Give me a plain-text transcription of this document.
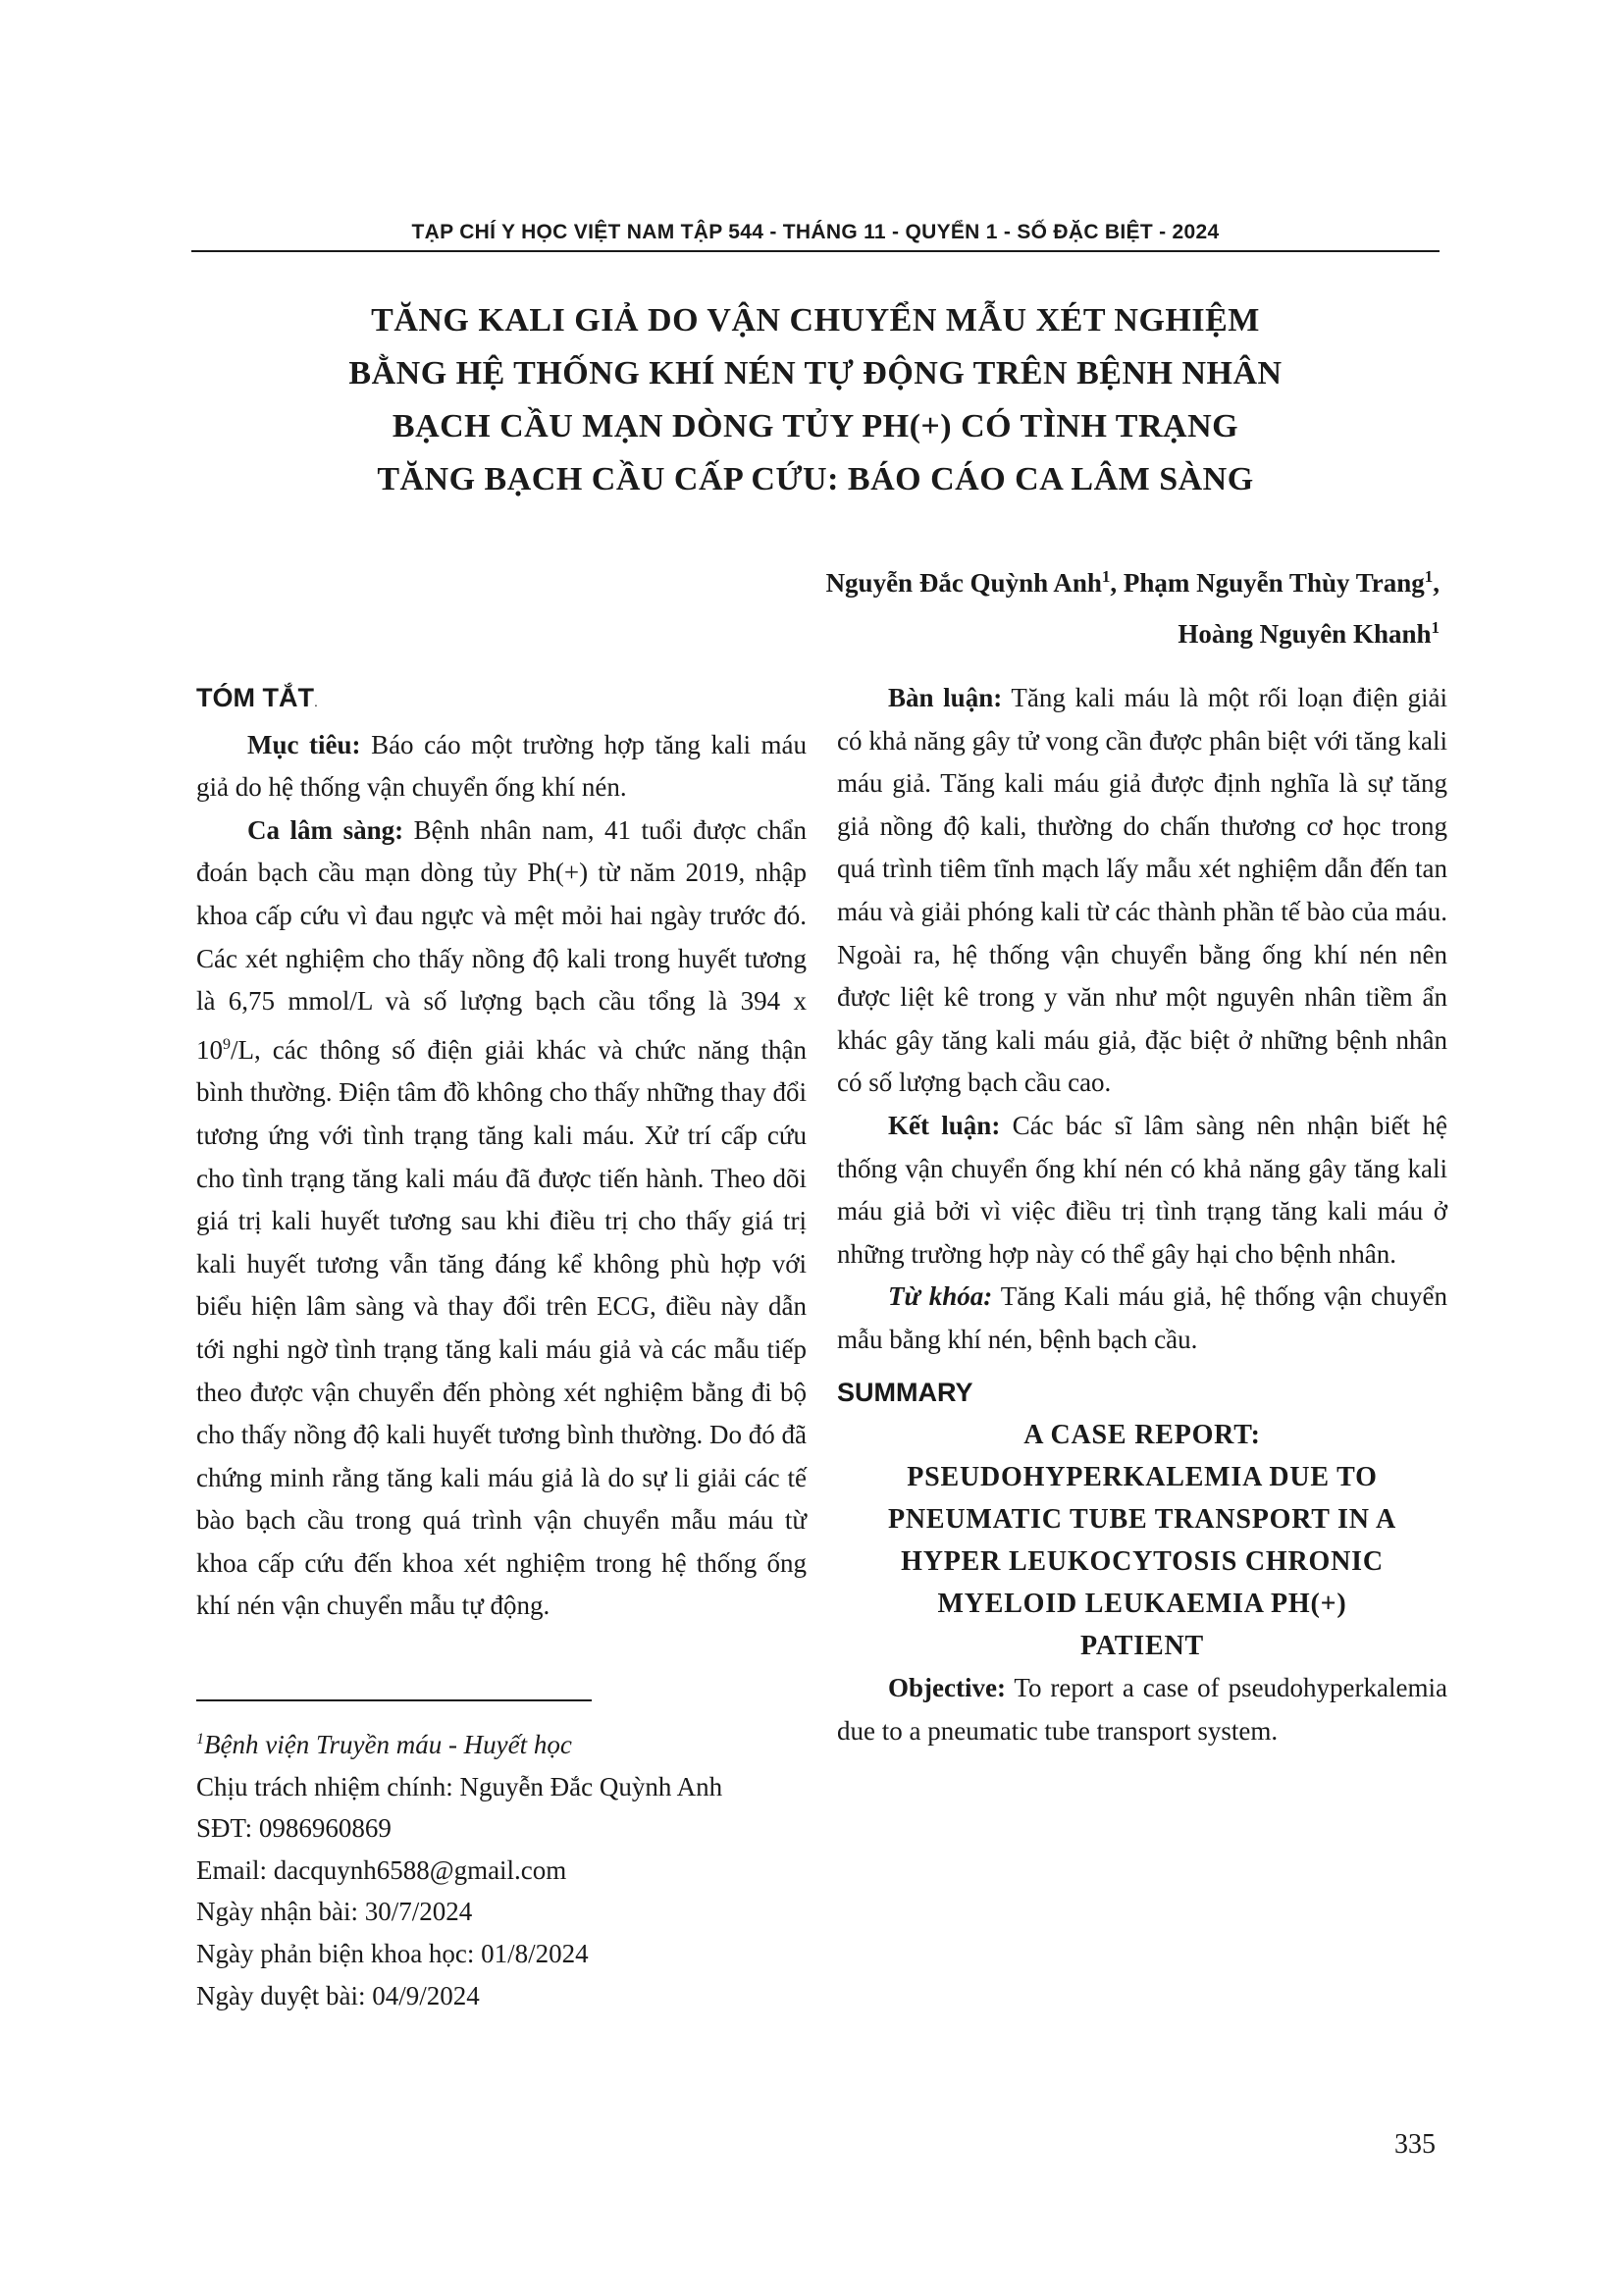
TẠP CHÍ Y HỌC VIỆT NAM TẬP 544 - THÁNG 11 - QUYỂN 1 - SỐ ĐẶC BIỆT - 2024
TĂNG KALI GIẢ DO VẬN CHUYỂN MẪU XÉT NGHIỆM
BẰNG HỆ THỐNG KHÍ NÉN TỰ ĐỘNG TRÊN BỆNH NHÂN
BẠCH CẦU MẠN DÒNG TỦY PH(+) CÓ TÌNH TRẠNG
TĂNG BẠCH CẦU CẤP CỨU: BÁO CÁO CA LÂM SÀNG
Nguyễn Đắc Quỳnh Anh$^1$, Phạm Nguyễn Thùy Trang$^1$,
Hoàng Nguyên Khanh$^1$
TÓM TẮT.

Mục tiêu: Báo cáo một trường hợp tăng kali máu giả do hệ thống vận chuyển ống khí nén.

Ca lâm sàng: Bệnh nhân nam, 41 tuổi được chẩn đoán bạch cầu mạn dòng tủy Ph(+) từ năm 2019, nhập khoa cấp cứu vì đau ngực và mệt mỏi hai ngày trước đó. Các xét nghiệm cho thấy nồng độ kali trong huyết tương là 6,75 mmol/L và số lượng bạch cầu tổng là 394 x $10^9/L$, các thông số điện giải khác và chức năng thận bình thường. Điện tâm đồ không cho thấy những thay đổi tương ứng với tình trạng tăng kali máu. Xử trí cấp cứu cho tình trạng tăng kali máu đã được tiến hành. Theo dõi giá trị kali huyết tương sau khi điều trị cho thấy giá trị kali huyết tương vẫn tăng đáng kể không phù hợp với biểu hiện lâm sàng và thay đổi trên ECG, điều này dẫn tới nghi ngờ tình trạng tăng kali máu giả và các mẫu tiếp theo được vận chuyển đến phòng xét nghiệm bằng đi bộ cho thấy nồng độ kali huyết tương bình thường. Do đó đã chứng minh rằng tăng kali máu giả là do sự li giải các tế bào bạch cầu trong quá trình vận chuyển mẫu máu từ khoa cấp cứu đến khoa xét nghiệm trong hệ thống ống khí nén vận chuyển mẫu tự động.

$^1$Bệnh viện Truyền máu - Huyết học
Chịu trách nhiệm chính: Nguyễn Đắc Quỳnh Anh
SĐT: 0986960869
Email: dacquynh6588@gmail.com
Ngày nhận bài: 30/7/2024
Ngày phản biện khoa học: 01/8/2024
Ngày duyệt bài: 04/9/2024

Bàn luận: Tăng kali máu là một rối loạn điện giải có khả năng gây tử vong cần được phân biệt với tăng kali máu giả. Tăng kali máu giả được định nghĩa là sự tăng giả nồng độ kali, thường do chấn thương cơ học trong quá trình tiêm tĩnh mạch lấy mẫu xét nghiệm dẫn đến tan máu và giải phóng kali từ các thành phần tế bào của máu. Ngoài ra, hệ thống vận chuyển bằng ống khí nén nên được liệt kê trong y văn như một nguyên nhân tiềm ẩn khác gây tăng kali máu giả, đặc biệt ở những bệnh nhân có số lượng bạch cầu cao.

Kết luận: Các bác sĩ lâm sàng nên nhận biết hệ thống vận chuyển ống khí nén có khả năng gây tăng kali máu giả bởi vì việc điều trị tình trạng tăng kali máu ở những trường hợp này có thể gây hại cho bệnh nhân.

Từ khóa: Tăng Kali máu giả, hệ thống vận chuyển mẫu bằng khí nén, bệnh bạch cầu.

SUMMARY
A CASE REPORT:
PSEUDOHYPERKALEMIA DUE TO
PNEUMATIC TUBE TRANSPORT IN A
HYPER LEUKOCYTOSIS CHRONIC
MYELOID LEUKAEMIA PH(+)
PATIENT

Objective: To report a case of pseudohyperkalemia due to a pneumatic tube transport system.

335
